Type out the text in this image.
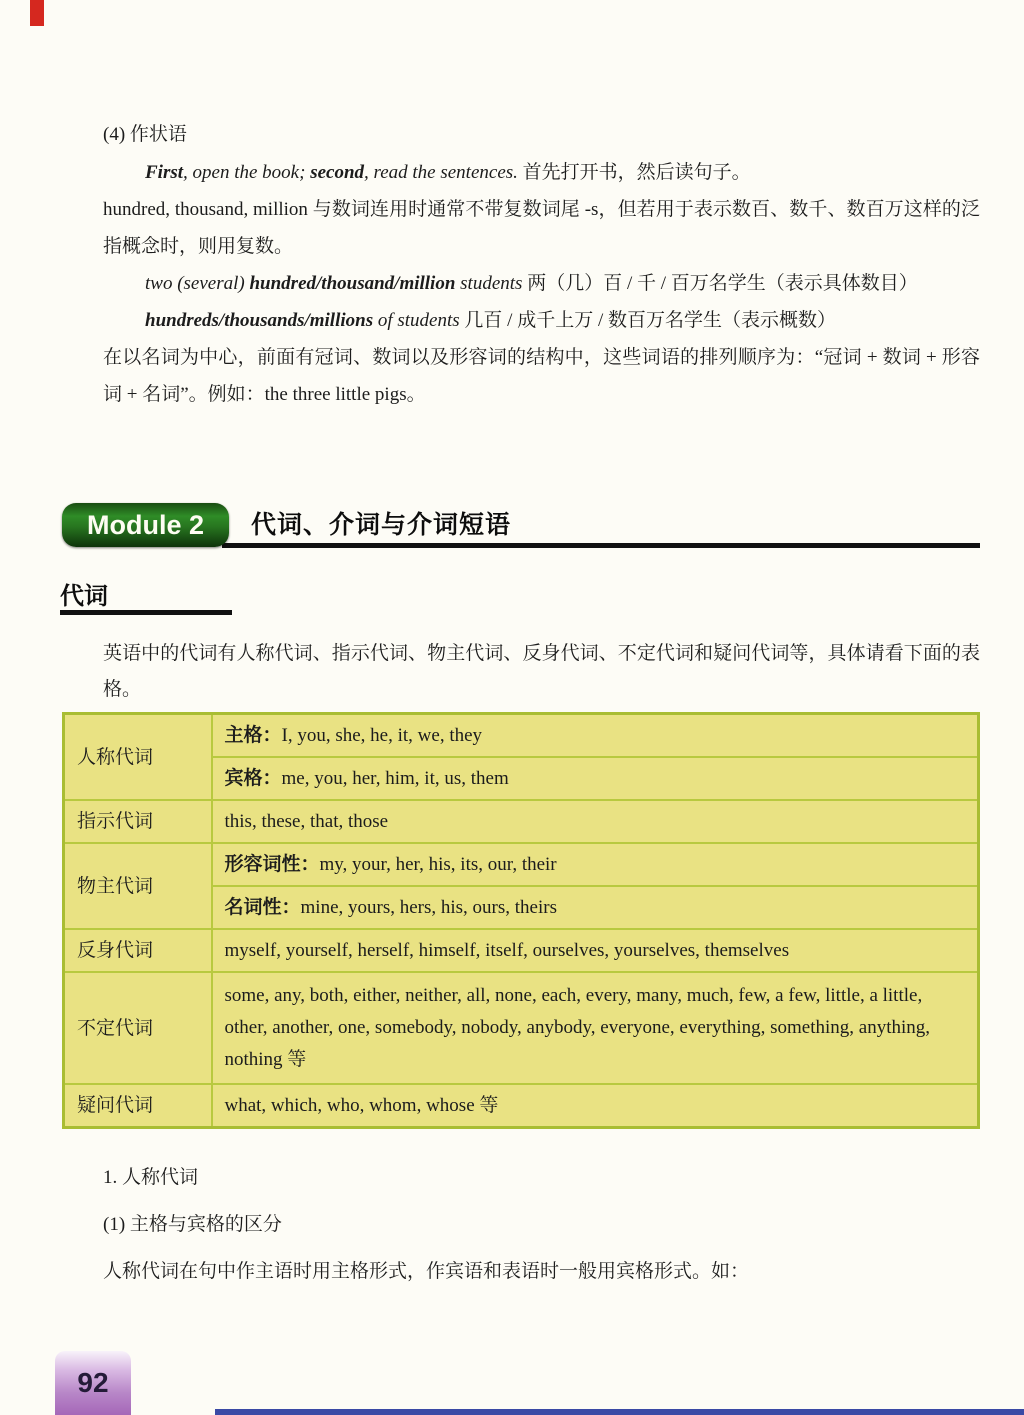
(4) 作状语
First, open the book; second, read the sentences. 首先打开书，然后读句子。
hundred, thousand, million 与数词连用时通常不带复数词尾 -s，但若用于表示数百、数千、数百万这样的泛指概念时，则用复数。
two (several) hundred/thousand/million students 两（几）百 / 千 / 百万名学生（表示具体数目）
hundreds/thousands/millions of students 几百 / 成千上万 / 数百万名学生（表示概数）
在以名词为中心，前面有冠词、数词以及形容词的结构中，这些词语的排列顺序为：“冠词 + 数词 + 形容词 + 名词”。例如：the three little pigs。
Module 2	代词、介词与介词短语
代词
英语中的代词有人称代词、指示代词、物主代词、反身代词、不定代词和疑问代词等，具体请看下面的表格。
人称代词	主格：I, you, she, he, it, we, they
	宾格：me, you, her, him, it, us, them
指示代词	this, these, that, those
物主代词	形容词性：my, your, her, his, its, our, their
	名词性：mine, yours, hers, his, ours, theirs
反身代词	myself, yourself, herself, himself, itself, ourselves, yourselves, themselves
不定代词	some, any, both, either, neither, all, none, each, every, many, much, few, a few, little, a little, other, another, one, somebody, nobody, anybody, everyone, everything, something, anything, nothing 等
疑问代词	what, which, who, whom, whose 等
1. 人称代词
(1) 主格与宾格的区分
人称代词在句中作主语时用主格形式，作宾语和表语时一般用宾格形式。如：
92
